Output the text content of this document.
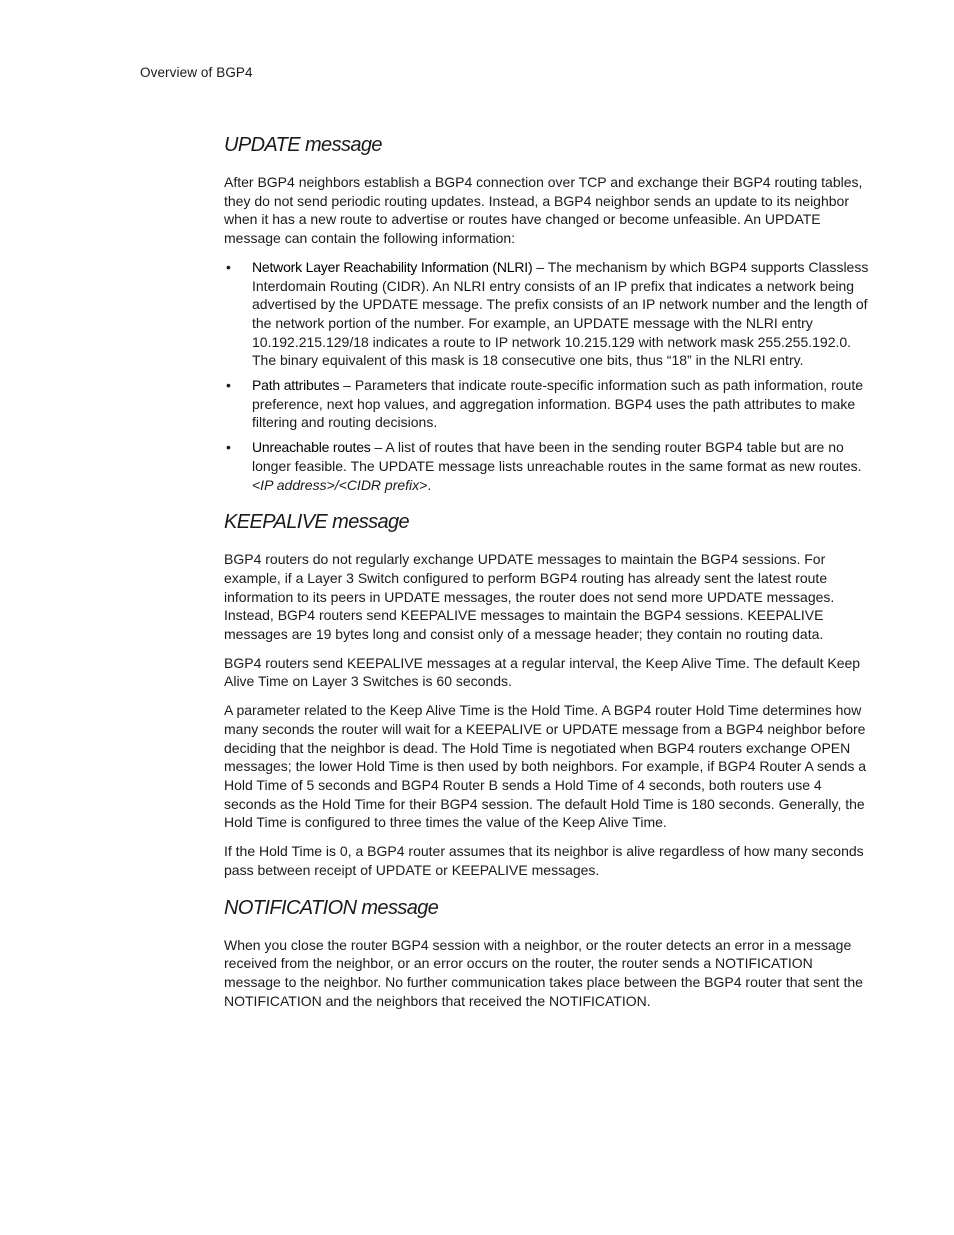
Overview of BGP4
UPDATE message

After BGP4 neighbors establish a BGP4 connection over TCP and exchange their BGP4 routing tables, they do not send periodic routing updates. Instead, a BGP4 neighbor sends an update to its neighbor when it has a new route to advertise or routes have changed or become unfeasible. An UPDATE message can contain the following information:

• Network Layer Reachability Information (NLRI) – The mechanism by which BGP4 supports Classless Interdomain Routing (CIDR). An NLRI entry consists of an IP prefix that indicates a network being advertised by the UPDATE message. The prefix consists of an IP network number and the length of the network portion of the number. For example, an UPDATE message with the NLRI entry 10.192.215.129/18 indicates a route to IP network 10.215.129 with network mask 255.255.192.0. The binary equivalent of this mask is 18 consecutive one bits, thus “18” in the NLRI entry.
• Path attributes – Parameters that indicate route-specific information such as path information, route preference, next hop values, and aggregation information. BGP4 uses the path attributes to make filtering and routing decisions.
• Unreachable routes – A list of routes that have been in the sending router BGP4 table but are no longer feasible. The UPDATE message lists unreachable routes in the same format as new routes.
<IP address>/<CIDR prefix>.
KEEPALIVE message

BGP4 routers do not regularly exchange UPDATE messages to maintain the BGP4 sessions. For example, if a Layer 3 Switch configured to perform BGP4 routing has already sent the latest route information to its peers in UPDATE messages, the router does not send more UPDATE messages. Instead, BGP4 routers send KEEPALIVE messages to maintain the BGP4 sessions. KEEPALIVE messages are 19 bytes long and consist only of a message header; they contain no routing data.

BGP4 routers send KEEPALIVE messages at a regular interval, the Keep Alive Time. The default Keep Alive Time on Layer 3 Switches is 60 seconds.

A parameter related to the Keep Alive Time is the Hold Time. A BGP4 router Hold Time determines how many seconds the router will wait for a KEEPALIVE or UPDATE message from a BGP4 neighbor before deciding that the neighbor is dead. The Hold Time is negotiated when BGP4 routers exchange OPEN messages; the lower Hold Time is then used by both neighbors. For example, if BGP4 Router A sends a Hold Time of 5 seconds and BGP4 Router B sends a Hold Time of 4 seconds, both routers use 4 seconds as the Hold Time for their BGP4 session. The default Hold Time is 180 seconds. Generally, the Hold Time is configured to three times the value of the Keep Alive Time.

If the Hold Time is 0, a BGP4 router assumes that its neighbor is alive regardless of how many seconds pass between receipt of UPDATE or KEEPALIVE messages.

NOTIFICATION message

When you close the router BGP4 session with a neighbor, or the router detects an error in a message received from the neighbor, or an error occurs on the router, the router sends a NOTIFICATION message to the neighbor. No further communication takes place between the BGP4 router that sent the NOTIFICATION and the neighbors that received the NOTIFICATION.
